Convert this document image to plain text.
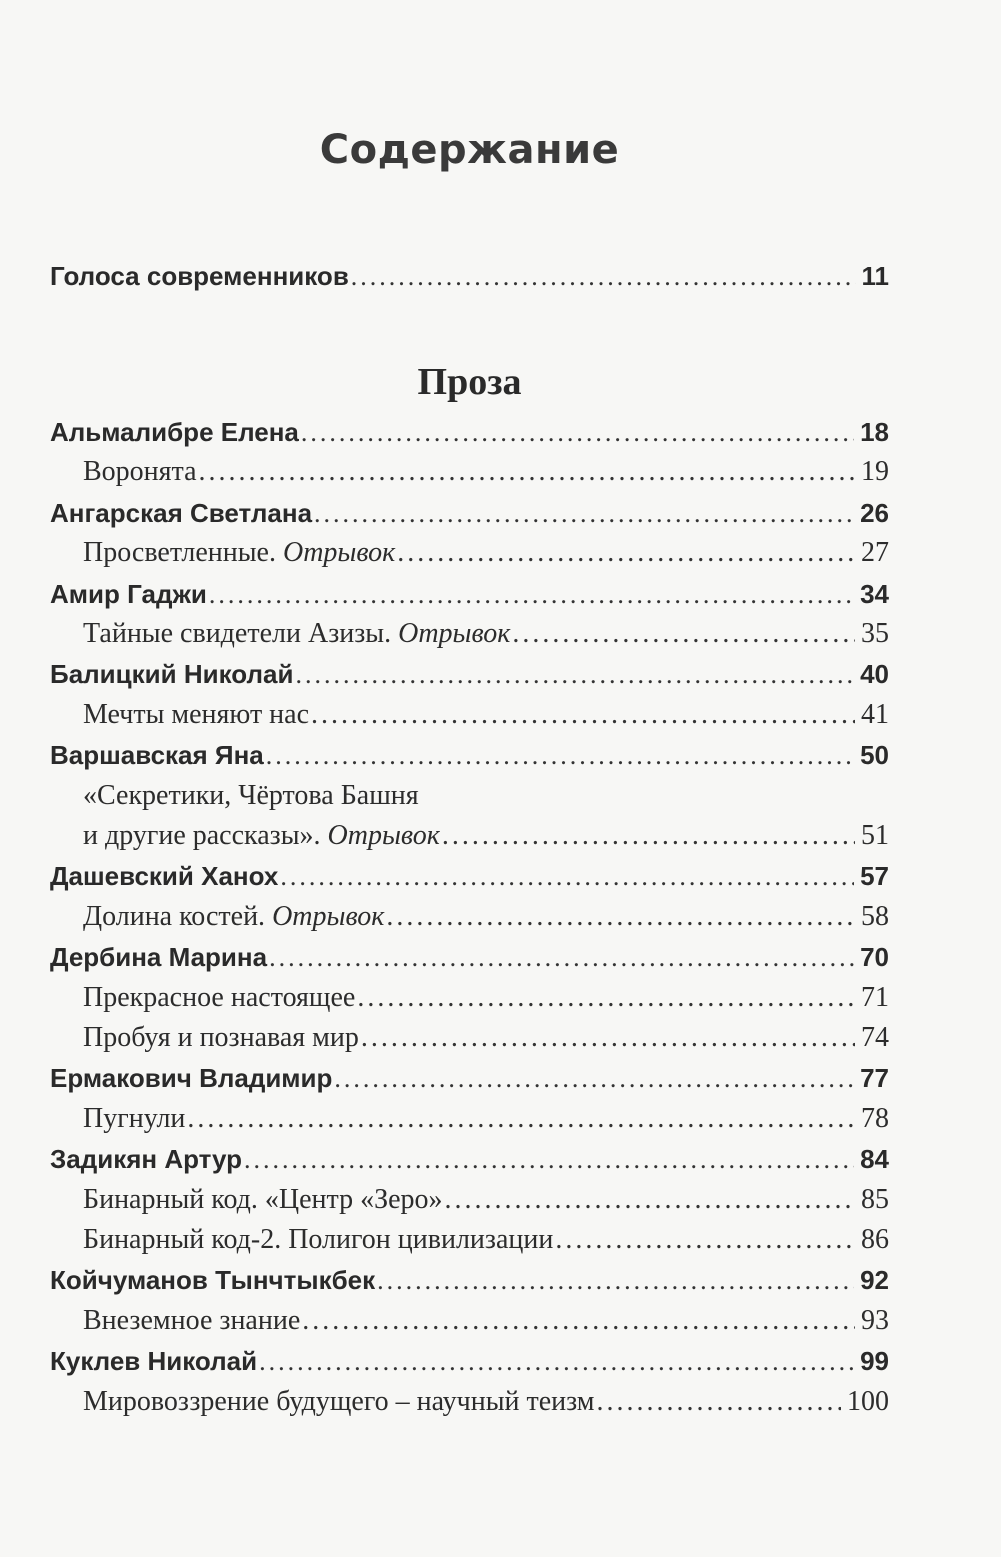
Содержание
Голоса современников .....	11
Проза
Альмалибре Елена .....	18
Воронята .....	19
Ангарская Светлана .....	26
Просветленные. Отрывок .....	27
Амир Гаджи .....	34
Тайные свидетели Азизы. Отрывок .....	35
Балицкий Николай .....	40
Мечты меняют нас .....	41
Варшавская Яна .....	50
«Секретики, Чёртова Башня
и другие рассказы». Отрывок .....	51
Дашевский Ханох .....	57
Долина костей. Отрывок .....	58
Дербина Марина .....	70
Прекрасное настоящее .....	71
Пробуя и познавая мир .....	74
Ермакович Владимир .....	77
Пугнули .....	78
Задикян Артур .....	84
Бинарный код. «Центр «Зеро» .....	85
Бинарный код-2. Полигон цивилизации .....	86
Койчуманов Тынчтыкбек .....	92
Внеземное знание .....	93
Куклев Николай .....	99
Мировоззрение будущего – научный теизм .....	100
